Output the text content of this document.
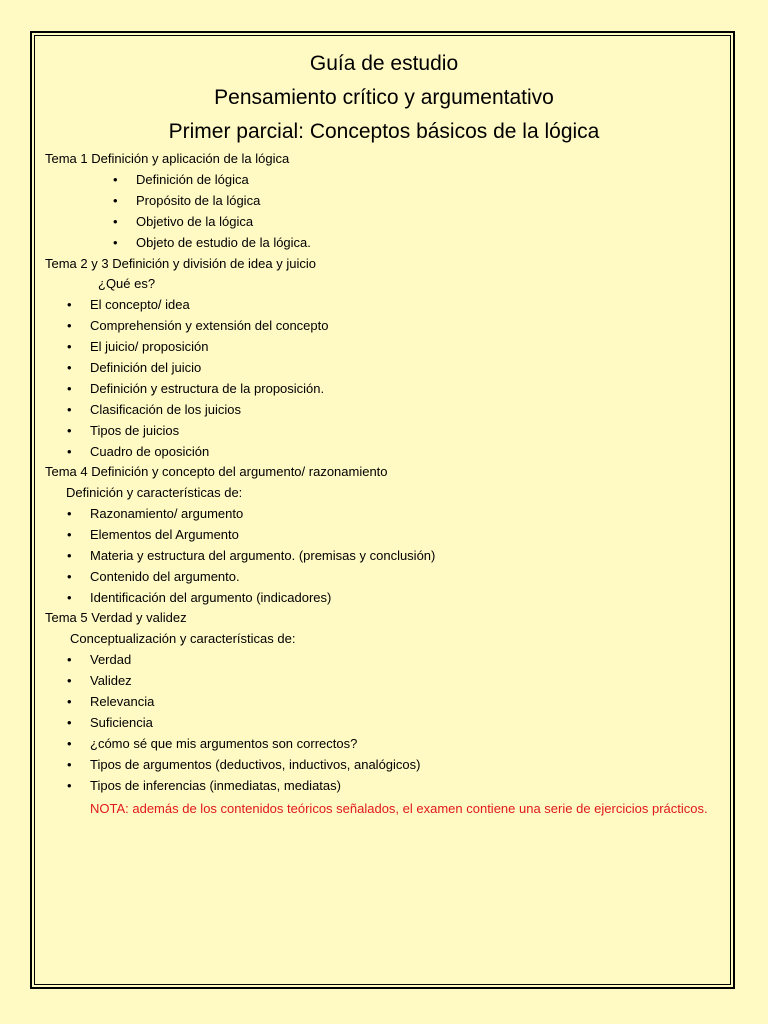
Guía de estudio
Pensamiento crítico y argumentativo
Primer parcial: Conceptos básicos de la lógica
Tema 1 Definición y aplicación de la lógica
• Definición de lógica
• Propósito de la lógica
• Objetivo de la lógica
• Objeto de estudio de la lógica.
Tema 2 y 3 Definición y división de idea y juicio
¿Qué es?
• El concepto/ idea
• Comprehensión y extensión del concepto
• El juicio/ proposición
• Definición del juicio
• Definición y estructura de la proposición.
• Clasificación de los juicios
• Tipos de juicios
• Cuadro de oposición
Tema 4 Definición y concepto del argumento/ razonamiento
Definición y características de:
• Razonamiento/ argumento
• Elementos del Argumento
• Materia y estructura del argumento. (premisas y conclusión)
• Contenido del argumento.
• Identificación del argumento (indicadores)
Tema 5 Verdad y validez
Conceptualización y características de:
• Verdad
• Validez
• Relevancia
• Suficiencia
• ¿cómo sé que mis argumentos son correctos?
• Tipos de argumentos (deductivos, inductivos, analógicos)
• Tipos de inferencias (inmediatas, mediatas)
NOTA: además de los contenidos teóricos señalados, el examen contiene una serie de ejercicios prácticos.
